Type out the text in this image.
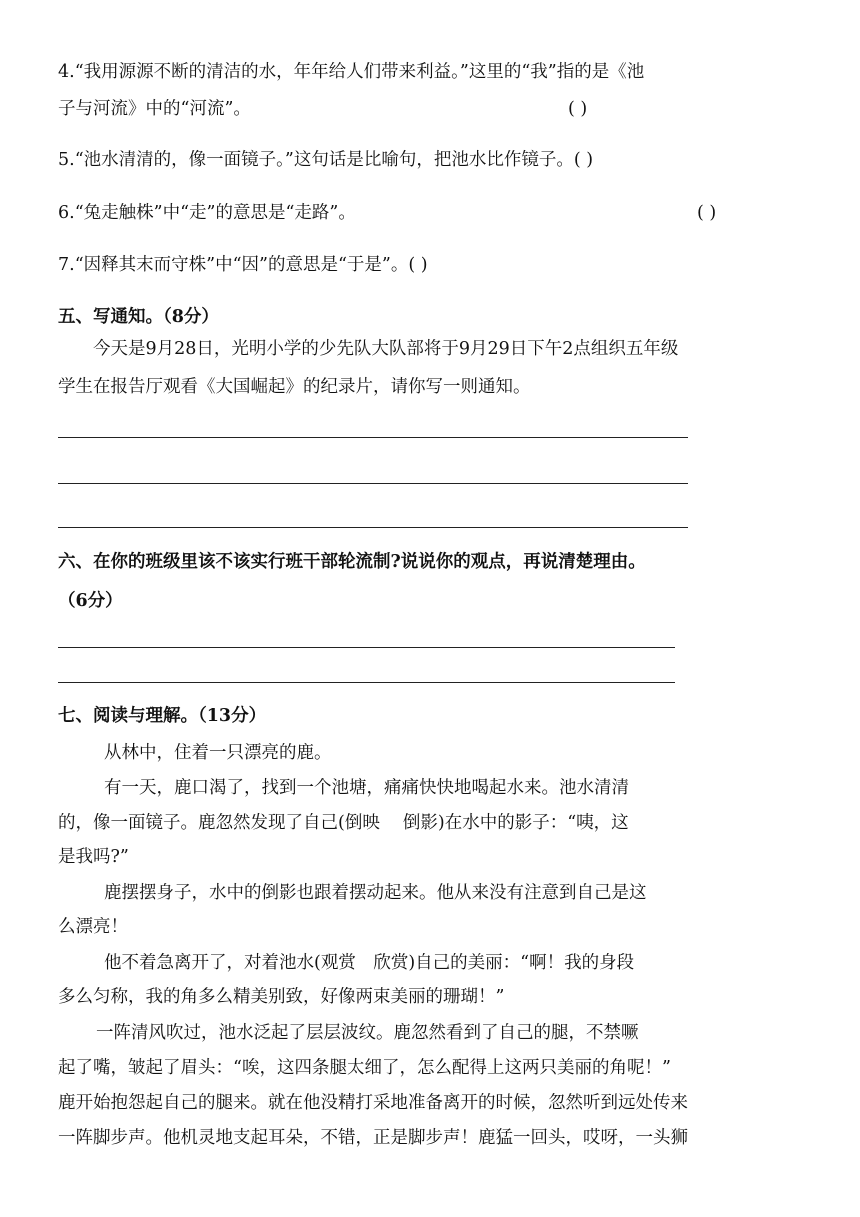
4.“我用源源不断的清洁的水，年年给人们带来利益。”这里的“我”指的是《池
子与河流》中的“河流”。	( )
5.“池水清清的，像一面镜子。”这句话是比喻句，把池水比作镜子。( )
6.“兔走触株”中“走”的意思是“走路”。	( )
7.“因释其末而守株”中“因”的意思是“于是”。( )
五、写通知。（8分）
今天是9月28日，光明小学的少先队大队部将于9月29日下午2点组织五年级
学生在报告厅观看《大国崛起》的纪录片，请你写一则通知。
六、在你的班级里该不该实行班干部轮流制?说说你的观点，再说清楚理由。
（6分）
七、阅读与理解。（13分）
从林中，住着一只漂亮的鹿。
有一天，鹿口渴了，找到一个池塘，痛痛快快地喝起水来。池水清清
的，像一面镜子。鹿忽然发现了自己(倒映　 倒影)在水中的影子：“咦，这
是我吗?”
鹿摆摆身子，水中的倒影也跟着摆动起来。他从来没有注意到自己是这
么漂亮！
他不着急离开了，对着池水(观赏　欣赏)自己的美丽：“啊！我的身段
多么匀称，我的角多么精美别致，好像两束美丽的珊瑚！”
一阵清风吹过，池水泛起了层层波纹。鹿忽然看到了自己的腿，不禁噘
起了嘴，皱起了眉头：“唉，这四条腿太细了，怎么配得上这两只美丽的角呢！”
鹿开始抱怨起自己的腿来。就在他没精打采地准备离开的时候，忽然听到远处传来
一阵脚步声。他机灵地支起耳朵，不错，正是脚步声！鹿猛一回头，哎呀，一头狮
